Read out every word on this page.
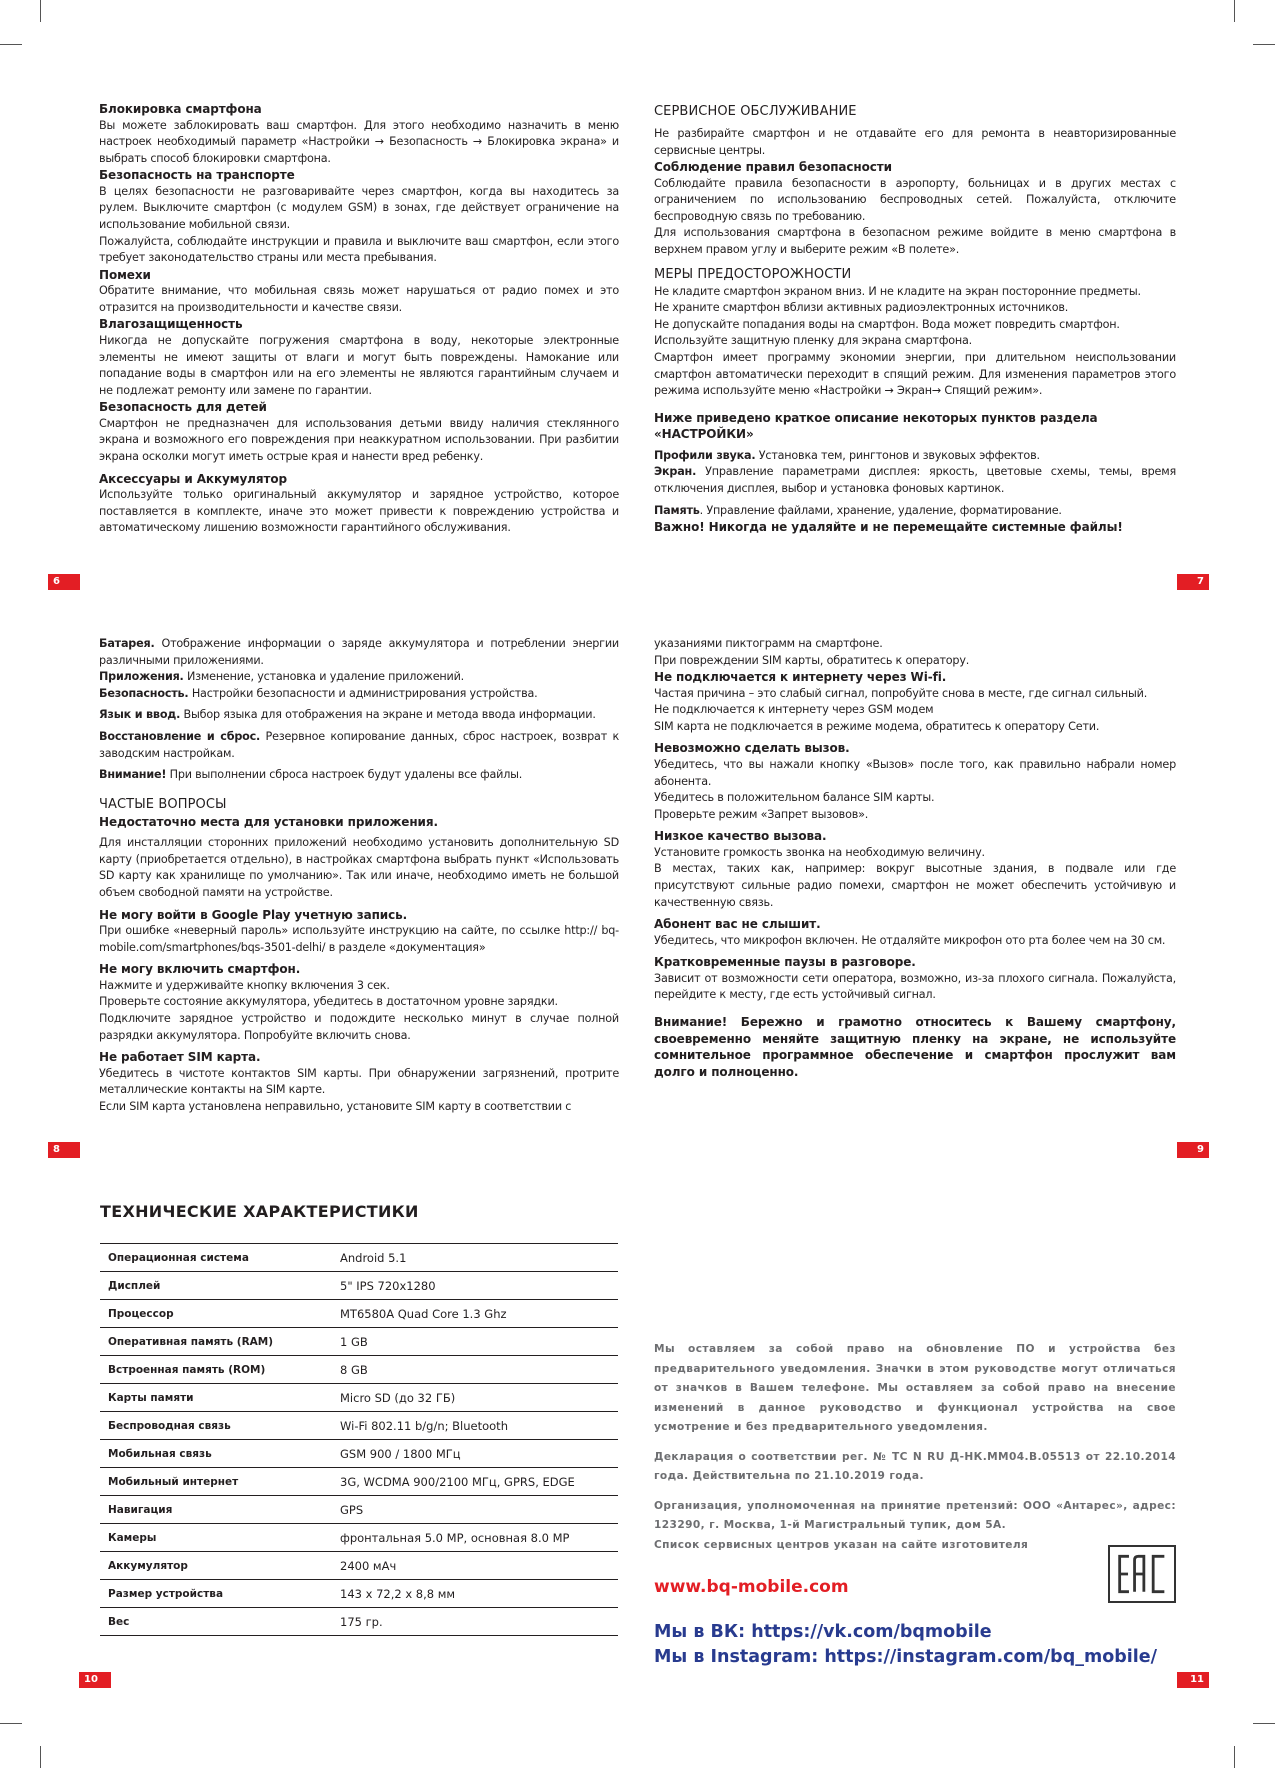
Блокировка смартфона

Вы можете заблокировать ваш смартфон. Для этого необходимо назначить в меню настроек необходимый параметр «Настройки → Безопасность → Блокировка экрана» и выбрать способ блокировки смартфона.

Безопасность на транспорте

В целях безопасности не разговаривайте через смартфон, когда вы находитесь за рулем. Выключите смартфон (с модулем GSM) в зонах, где действует ограничение на использование мобильной связи.

Пожалуйста, соблюдайте инструкции и правила и выключите ваш смартфон, если этого требует законодательство страны или места пребывания.

Помехи

Обратите внимание, что мобильная связь может нарушаться от радио помех и это отразится на производительности и качестве связи.

Влагозащищенность

Никогда не допускайте погружения смартфона в воду, некоторые электронные элементы не имеют защиты от влаги и могут быть повреждены. Намокание или попадание воды в смартфон или на его элементы не являются гарантийным случаем и не подлежат ремонту или замене по гарантии.

Безопасность для детей

Смартфон не предназначен для использования детьми ввиду наличия стеклянного экрана и возможного его повреждения при неаккуратном использовании. При разбитии экрана осколки могут иметь острые края и нанести вред ребенку.

Аксессуары и Аккумулятор

Используйте только оригинальный аккумулятор и зарядное устройство, которое поставляется в комплекте, иначе это может привести к повреждению устройства и автоматическому лишению возможности гарантийного обслуживания.

6
СЕРВИСНОЕ ОБСЛУЖИВАНИЕ

Не разбирайте смартфон и не отдавайте его для ремонта в неавторизированные сервисные центры.

Соблюдение правил безопасности

Соблюдайте правила безопасности в аэропорту, больницах и в других местах с ограничением по использованию беспроводных сетей. Пожалуйста, отключите беспроводную связь по требованию.

Для использования смартфона в безопасном режиме войдите в меню смартфона в верхнем правом углу и выберите режим «В полете».

МЕРЫ ПРЕДОСТОРОЖНОСТИ

Не кладите смартфон экраном вниз. И не кладите на экран посторонние предметы.

Не храните смартфон вблизи активных радиоэлектронных источников.

Не допускайте попадания воды на смартфон. Вода может повредить смартфон.

Используйте защитную пленку для экрана смартфона.

Смартфон имеет программу экономии энергии, при длительном неиспользовании смартфон автоматически переходит в спящий режим. Для изменения параметров этого режима используйте меню «Настройки → Экран→ Спящий режим».

Ниже приведено краткое описание некоторых пунктов раздела «НАСТРОЙКИ»

Профили звука. Установка тем, рингтонов и звуковых эффектов.

Экран. Управление параметрами дисплея: яркость, цветовые схемы, темы, время отключения дисплея, выбор и установка фоновых картинок.

Память. Управление файлами, хранение, удаление, форматирование.

Важно! Никогда не удаляйте и не перемещайте системные файлы!
7

Батарея. Отображение информации о заряде аккумулятора и потреблении энергии различными приложениями.

Приложения. Изменение, установка и удаление приложений.

Безопасность. Настройки безопасности и администрирования устройства.

Язык и ввод. Выбор языка для отображения на экране и метода ввода информации.

Восстановление и сброс. Резервное копирование данных, сброс настроек, возврат к заводским настройкам.

Внимание! При выполнении сброса настроек будут удалены все файлы.

ЧАСТЫЕ ВОПРОСЫ
Недостаточно места для установки приложения.

Для инсталляции сторонних приложений необходимо установить дополнительную SD карту (приобретается отдельно), в настройках смартфона выбрать пункт «Использовать SD карту как хранилище по умолчанию». Так или иначе, необходимо иметь не большой объем свободной памяти на устройстве.

Не могу войти в Google Play учетную запись.

При ошибке «неверный пароль» используйте инструкцию на сайте, по ссылке http:// bq-mobile.com/smartphones/bqs-3501-delhi/ в разделе «документация»

Не могу включить смартфон.

Нажмите и удерживайте кнопку включения 3 сек.

Проверьте состояние аккумулятора, убедитесь в достаточном уровне зарядки.

Подключите зарядное устройство и подождите несколько минут в случае полной разрядки аккумулятора. Попробуйте включить снова.

Не работает SIM карта.

Убедитесь в чистоте контактов SIM карты. При обнаружении загрязнений, протрите металлические контакты на SIM карте.

Если SIM карта установлена неправильно, установите SIM карту в соответствии с

8

указаниями пиктограмм на смартфоне.

При повреждении SIM карты, обратитесь к оператору.

Не подключается к интернету через Wi-fi.

Частая причина – это слабый сигнал, попробуйте снова в месте, где сигнал сильный.

Не подключается к интернету через GSM модем

SIM карта не подключается в режиме модема, обратитесь к оператору Сети.

Невозможно сделать вызов.

Убедитесь, что вы нажали кнопку «Вызов» после того, как правильно набрали номер абонента.

Убедитесь в положительном балансе SIM карты.

Проверьте режим «Запрет вызовов».

Низкое качество вызова.

Установите громкость звонка на необходимую величину.

В местах, таких как, например: вокруг высотные здания, в подвале или где присутствуют сильные радио помехи, смартфон не может обеспечить устойчивую и качественную связь.

Абонент вас не слышит.

Убедитесь, что микрофон включен. Не отдаляйте микрофон ото рта более чем на 30 см.

Кратковременные паузы в разговоре.

Зависит от возможности сети оператора, возможно, из-за плохого сигнала. Пожалуйста, перейдите к месту, где есть устойчивый сигнал.

Внимание! Бережно и грамотно относитесь к Вашему смартфону, своевременно меняйте защитную пленку на экране, не используйте сомнительное программное обеспечение и смартфон прослужит вам долго и полноценно.
9
ТЕХНИЧЕСКИЕ ХАРАКТЕРИСТИКИ
Операционная система	Android 5.1
Дисплей	5" IPS 720x1280
Процессор	MT6580A Quad Core 1.3 Ghz
Оперативная память (RAM)	1 GB
Встроенная память (ROM)	8 GB
Карты памяти	Micro SD (до 32 ГБ)
Беспроводная связь	Wi-Fi 802.11 b/g/n; Bluetooth
Мобильная связь	GSM 900 / 1800 МГц
Мобильный интернет	3G, WCDMA 900/2100 МГц, GPRS, EDGE
Навигация	GPS
Камеры	фронтальная 5.0 MP, основная 8.0 MP
Аккумулятор	2400 мАч
Размер устройства	143 x 72,2 x 8,8 мм
Вес	175 гр.
10

Мы оставляем за собой право на обновление ПО и устройства без предварительного уведомления. Значки в этом руководстве могут отличаться от значков в Вашем телефоне. Мы оставляем за собой право на внесение изменений в данное руководство и функционал устройства на свое усмотрение и без предварительного уведомления.

Декларация о соответствии рег. № ТС N RU Д-НК.ММ04.В.05513 от 22.10.2014 года. Действительна по 21.10.2019 года.

Организация, уполномоченная на принятие претензий: ООО «Антарес», адрес: 123290, г. Москва, 1-й Магистральный тупик, дом 5А.

Список сервисных центров указан на сайте изготовителя

www.bq-mobile.com
Мы в ВК: https://vk.com/bqmobile
Мы в Instagram: https://instagram.com/bq_mobile/
11
